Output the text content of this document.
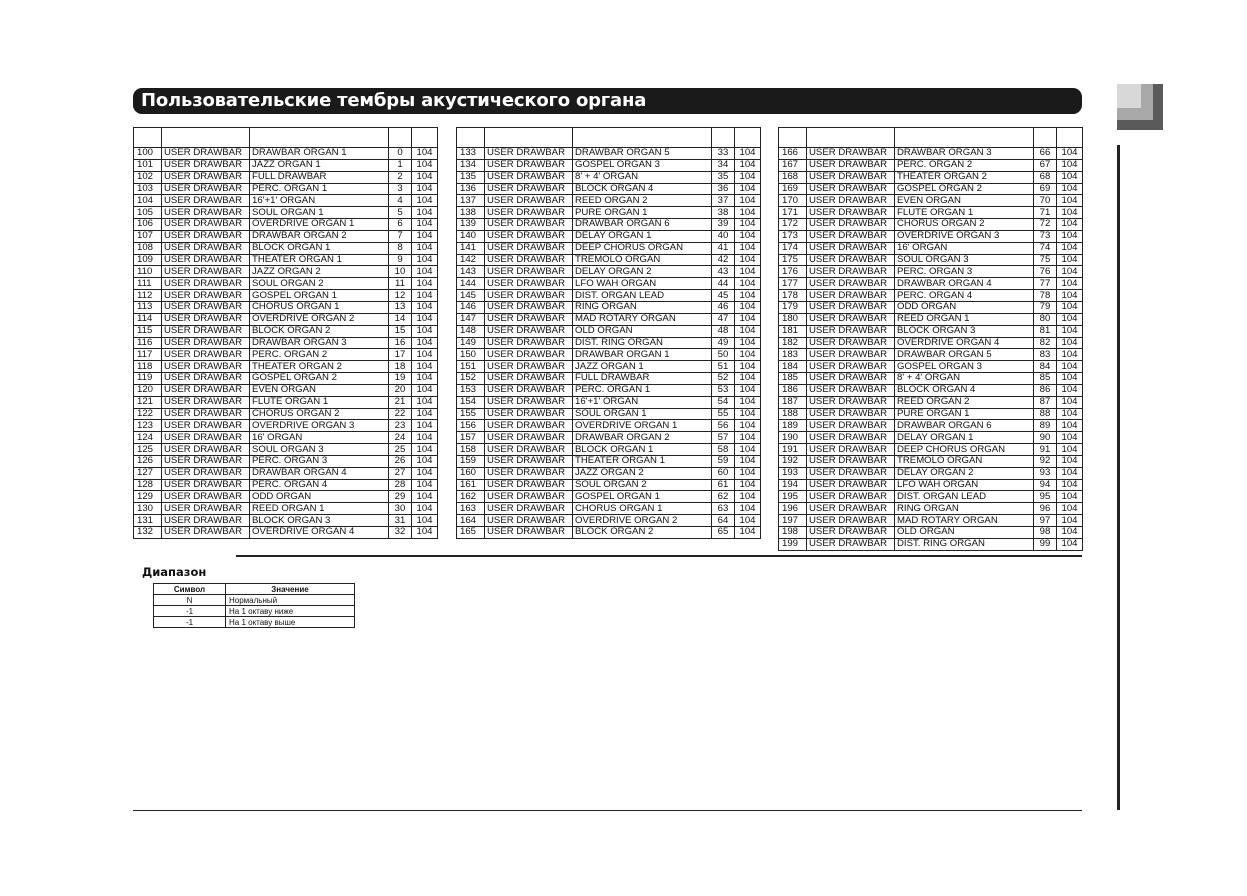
Пользовательские тембры акустического органа

100	USER DRAWBAR	DRAWBAR ORGAN 1	0	104
101	USER DRAWBAR	JAZZ ORGAN 1	1	104
102	USER DRAWBAR	FULL DRAWBAR	2	104
103	USER DRAWBAR	PERC. ORGAN 1	3	104
104	USER DRAWBAR	16'+1' ORGAN	4	104
105	USER DRAWBAR	SOUL ORGAN 1	5	104
106	USER DRAWBAR	OVERDRIVE ORGAN 1	6	104
107	USER DRAWBAR	DRAWBAR ORGAN 2	7	104
108	USER DRAWBAR	BLOCK ORGAN 1	8	104
109	USER DRAWBAR	THEATER ORGAN 1	9	104
110	USER DRAWBAR	JAZZ ORGAN 2	10	104
111	USER DRAWBAR	SOUL ORGAN 2	11	104
112	USER DRAWBAR	GOSPEL ORGAN 1	12	104
113	USER DRAWBAR	CHORUS ORGAN 1	13	104
114	USER DRAWBAR	OVERDRIVE ORGAN 2	14	104
115	USER DRAWBAR	BLOCK ORGAN 2	15	104
116	USER DRAWBAR	DRAWBAR ORGAN 3	16	104
117	USER DRAWBAR	PERC. ORGAN 2	17	104
118	USER DRAWBAR	THEATER ORGAN 2	18	104
119	USER DRAWBAR	GOSPEL ORGAN 2	19	104
120	USER DRAWBAR	EVEN ORGAN	20	104
121	USER DRAWBAR	FLUTE ORGAN 1	21	104
122	USER DRAWBAR	CHORUS ORGAN 2	22	104
123	USER DRAWBAR	OVERDRIVE ORGAN 3	23	104
124	USER DRAWBAR	16' ORGAN	24	104
125	USER DRAWBAR	SOUL ORGAN 3	25	104
126	USER DRAWBAR	PERC. ORGAN 3	26	104
127	USER DRAWBAR	DRAWBAR ORGAN 4	27	104
128	USER DRAWBAR	PERC. ORGAN 4	28	104
129	USER DRAWBAR	ODD ORGAN	29	104
130	USER DRAWBAR	REED ORGAN 1	30	104
131	USER DRAWBAR	BLOCK ORGAN 3	31	104
132	USER DRAWBAR	OVERDRIVE ORGAN 4	32	104

133	USER DRAWBAR	DRAWBAR ORGAN 5	33	104
134	USER DRAWBAR	GOSPEL ORGAN 3	34	104
135	USER DRAWBAR	8' + 4' ORGAN	35	104
136	USER DRAWBAR	BLOCK ORGAN 4	36	104
137	USER DRAWBAR	REED ORGAN 2	37	104
138	USER DRAWBAR	PURE ORGAN 1	38	104
139	USER DRAWBAR	DRAWBAR ORGAN 6	39	104
140	USER DRAWBAR	DELAY ORGAN 1	40	104
141	USER DRAWBAR	DEEP CHORUS ORGAN	41	104
142	USER DRAWBAR	TREMOLO ORGAN	42	104
143	USER DRAWBAR	DELAY ORGAN 2	43	104
144	USER DRAWBAR	LFO WAH ORGAN	44	104
145	USER DRAWBAR	DIST. ORGAN LEAD	45	104
146	USER DRAWBAR	RING ORGAN	46	104
147	USER DRAWBAR	MAD ROTARY ORGAN	47	104
148	USER DRAWBAR	OLD ORGAN	48	104
149	USER DRAWBAR	DIST. RING ORGAN	49	104
150	USER DRAWBAR	DRAWBAR ORGAN 1	50	104
151	USER DRAWBAR	JAZZ ORGAN 1	51	104
152	USER DRAWBAR	FULL DRAWBAR	52	104
153	USER DRAWBAR	PERC. ORGAN 1	53	104
154	USER DRAWBAR	16'+1' ORGAN	54	104
155	USER DRAWBAR	SOUL ORGAN 1	55	104
156	USER DRAWBAR	OVERDRIVE ORGAN 1	56	104
157	USER DRAWBAR	DRAWBAR ORGAN 2	57	104
158	USER DRAWBAR	BLOCK ORGAN 1	58	104
159	USER DRAWBAR	THEATER ORGAN 1	59	104
160	USER DRAWBAR	JAZZ ORGAN 2	60	104
161	USER DRAWBAR	SOUL ORGAN 2	61	104
162	USER DRAWBAR	GOSPEL ORGAN 1	62	104
163	USER DRAWBAR	CHORUS ORGAN 1	63	104
164	USER DRAWBAR	OVERDRIVE ORGAN 2	64	104
165	USER DRAWBAR	BLOCK ORGAN 2	65	104

166	USER DRAWBAR	DRAWBAR ORGAN 3	66	104
167	USER DRAWBAR	PERC. ORGAN 2	67	104
168	USER DRAWBAR	THEATER ORGAN 2	68	104
169	USER DRAWBAR	GOSPEL ORGAN 2	69	104
170	USER DRAWBAR	EVEN ORGAN	70	104
171	USER DRAWBAR	FLUTE ORGAN 1	71	104
172	USER DRAWBAR	CHORUS ORGAN 2	72	104
173	USER DRAWBAR	OVERDRIVE ORGAN 3	73	104
174	USER DRAWBAR	16' ORGAN	74	104
175	USER DRAWBAR	SOUL ORGAN 3	75	104
176	USER DRAWBAR	PERC. ORGAN 3	76	104
177	USER DRAWBAR	DRAWBAR ORGAN 4	77	104
178	USER DRAWBAR	PERC. ORGAN 4	78	104
179	USER DRAWBAR	ODD ORGAN	79	104
180	USER DRAWBAR	REED ORGAN 1	80	104
181	USER DRAWBAR	BLOCK ORGAN 3	81	104
182	USER DRAWBAR	OVERDRIVE ORGAN 4	82	104
183	USER DRAWBAR	DRAWBAR ORGAN 5	83	104
184	USER DRAWBAR	GOSPEL ORGAN 3	84	104
185	USER DRAWBAR	8' + 4' ORGAN	85	104
186	USER DRAWBAR	BLOCK ORGAN 4	86	104
187	USER DRAWBAR	REED ORGAN 2	87	104
188	USER DRAWBAR	PURE ORGAN 1	88	104
189	USER DRAWBAR	DRAWBAR ORGAN 6	89	104
190	USER DRAWBAR	DELAY ORGAN 1	90	104
191	USER DRAWBAR	DEEP CHORUS ORGAN	91	104
192	USER DRAWBAR	TREMOLO ORGAN	92	104
193	USER DRAWBAR	DELAY ORGAN 2	93	104
194	USER DRAWBAR	LFO WAH ORGAN	94	104
195	USER DRAWBAR	DIST. ORGAN LEAD	95	104
196	USER DRAWBAR	RING ORGAN	96	104
197	USER DRAWBAR	MAD ROTARY ORGAN	97	104
198	USER DRAWBAR	OLD ORGAN	98	104
199	USER DRAWBAR	DIST. RING ORGAN	99	104
Диапазон
Символ	Значение
N	Нормальный
-1	На 1 октаву ниже
-1	На 1 октаву выше
